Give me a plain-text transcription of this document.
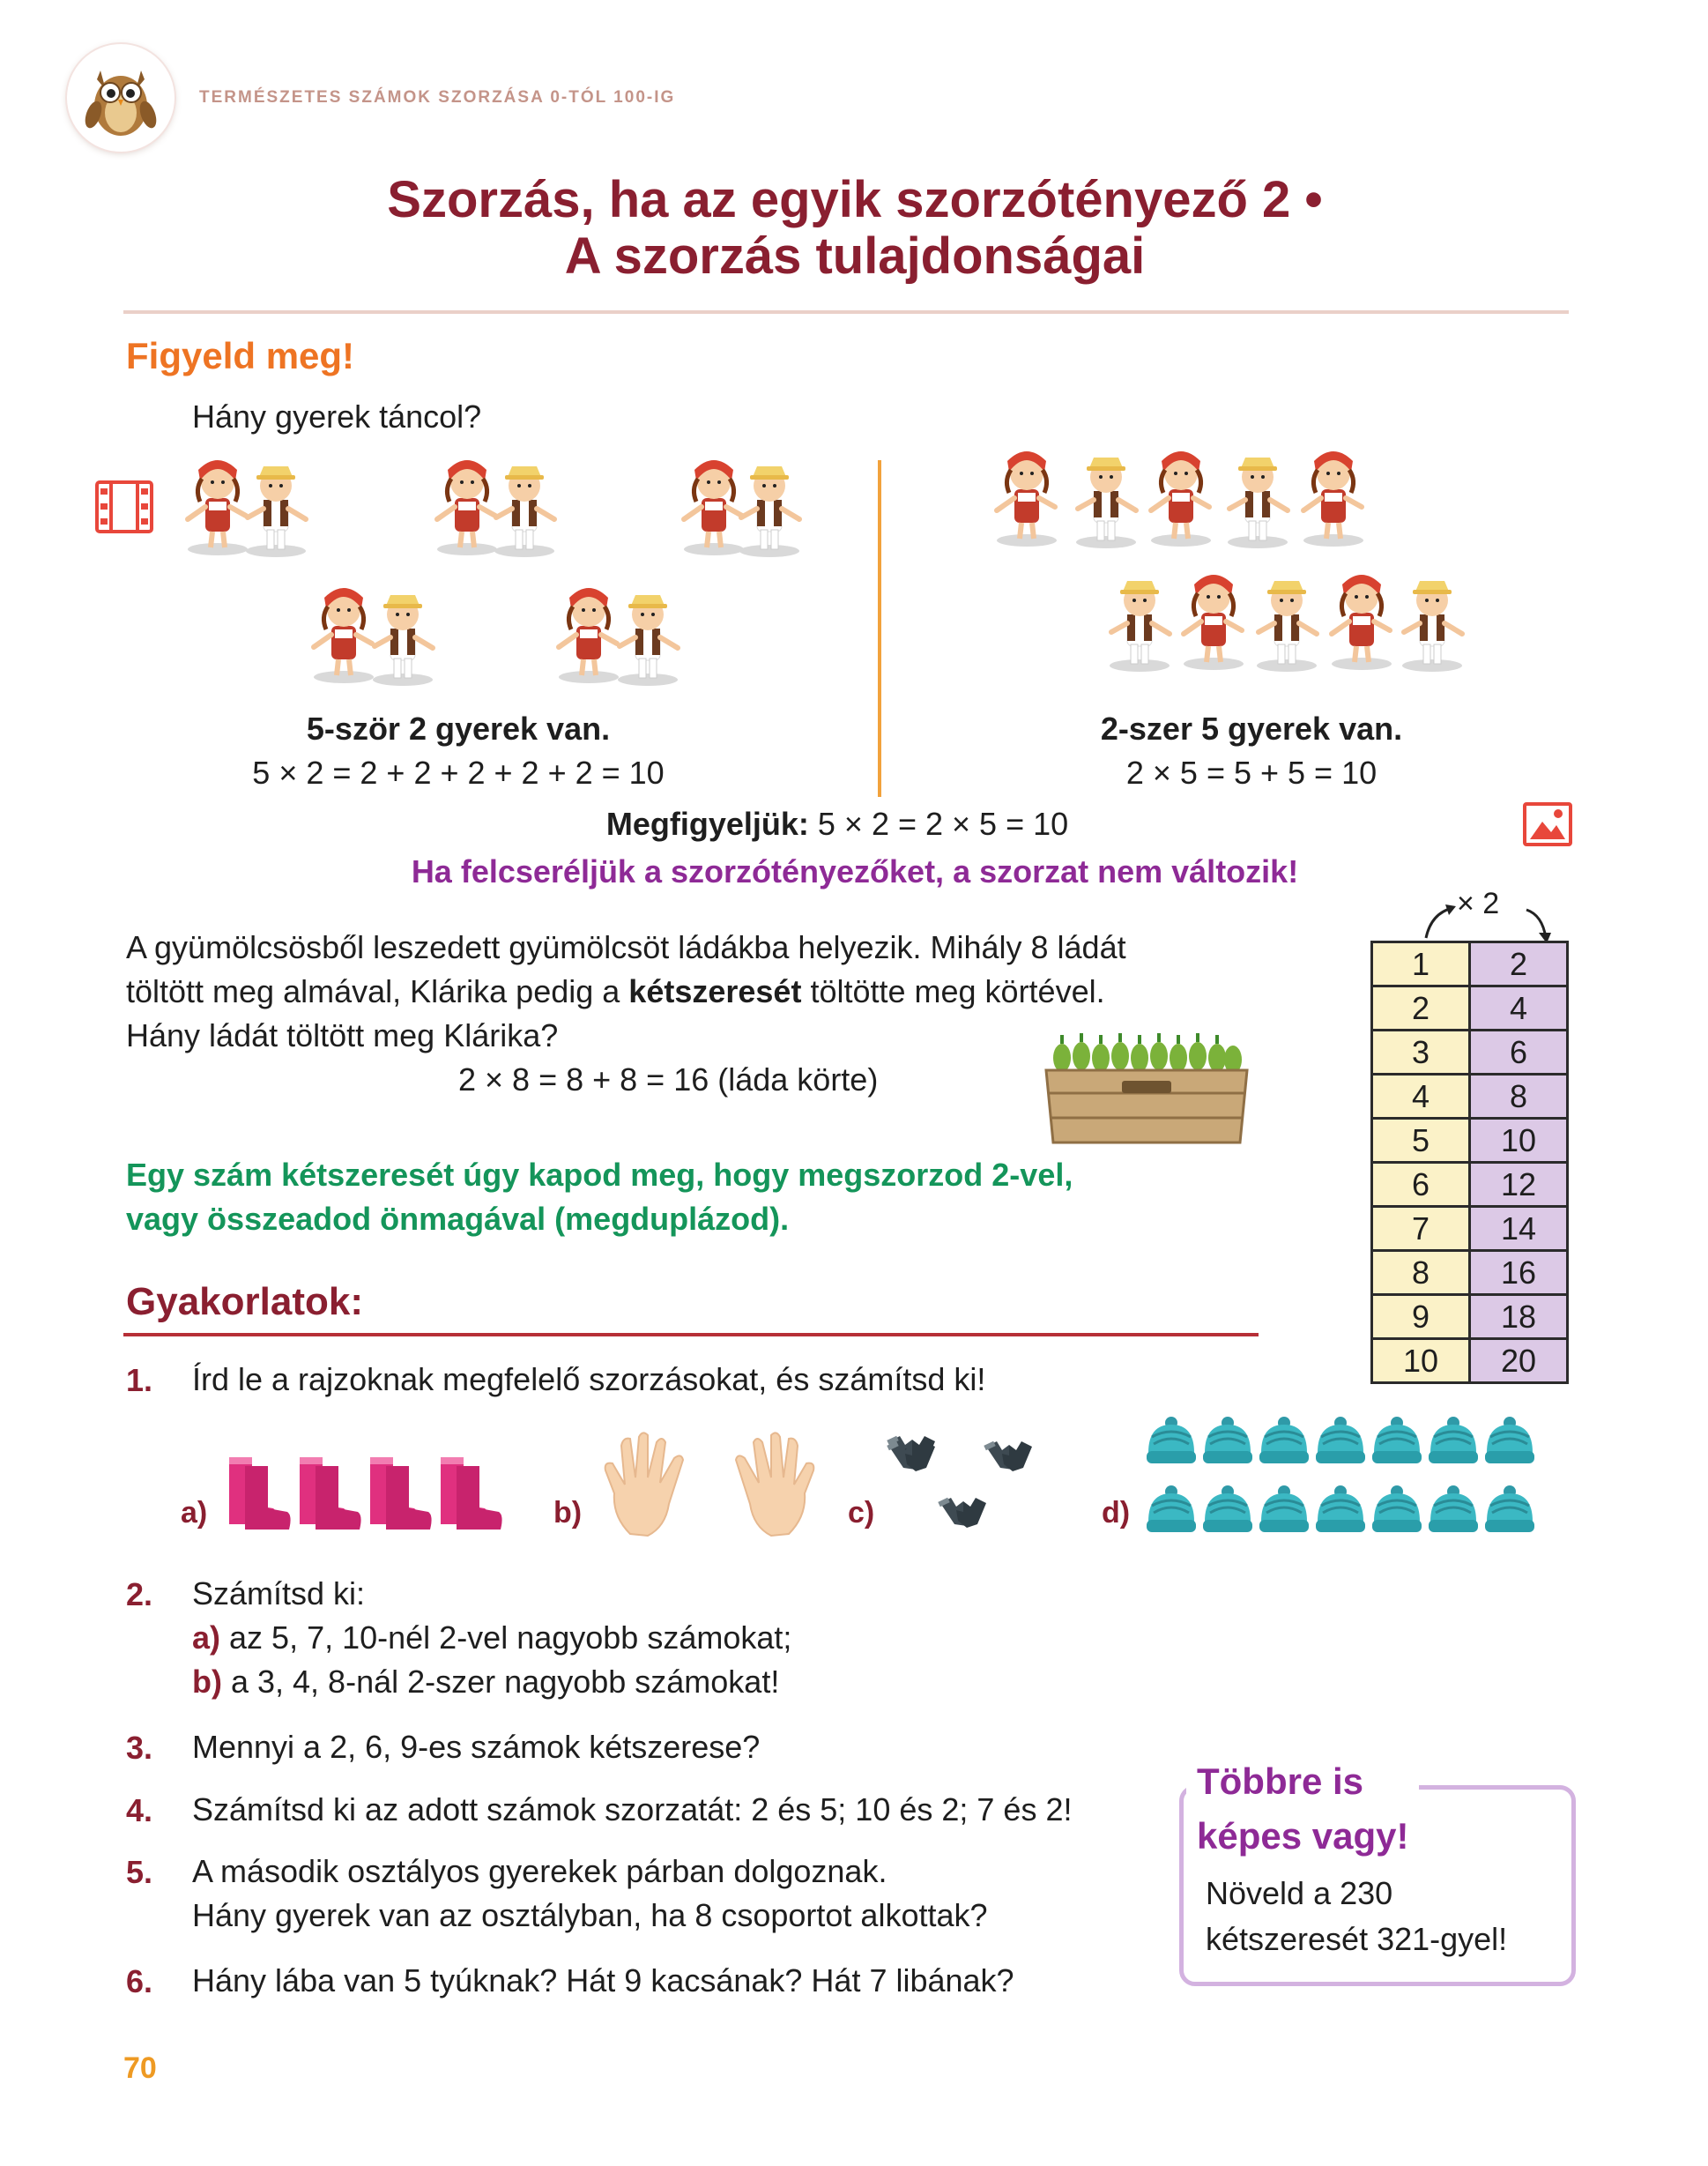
TERMÉSZETES SZÁMOK SZORZÁSA 0-TÓL 100-IG
Szorzás, ha az egyik szorzótényező 2 •
A szorzás tulajdonságai
Figyeld meg!
Hány gyerek táncol?
5-ször 2 gyerek van.
5 × 2 = 2 + 2 + 2 + 2 + 2 = 10
2-szer 5 gyerek van.
2 × 5 = 5 + 5 = 10
Megfigyeljük: 5 × 2 = 2 × 5 = 10
Ha felcseréljük a szorzótényezőket, a szorzat nem változik!
A gyümölcsösből leszedett gyümölcsöt ládákba helyezik. Mihály 8 ládát
töltött meg almával, Klárika pedig a kétszeresét töltötte meg körtével.
Hány ládát töltött meg Klárika?
2 × 8 = 8 + 8 = 16 (láda körte)
Egy szám kétszeresét úgy kapod meg, hogy megszorzod 2-vel,
vagy összeadod önmagával (megduplázod).
× 2
1	2
2	4
3	6
4	8
5	10
6	12
7	14
8	16
9	18
10	20
Gyakorlatok:
1. Írd le a rajzoknak megfelelő szorzásokat, és számítsd ki!
a)	b)	c)	d)
2. Számítsd ki:
a) az 5, 7, 10-nél 2-vel nagyobb számokat;
b) a 3, 4, 8-nál 2-szer nagyobb számokat!
3. Mennyi a 2, 6, 9-es számok kétszerese?
4. Számítsd ki az adott számok szorzatát: 2 és 5; 10 és 2; 7 és 2!
5. A második osztályos gyerekek párban dolgoznak.
Hány gyerek van az osztályban, ha 8 csoportot alkottak?
6. Hány lába van 5 tyúknak? Hát 9 kacsának? Hát 7 libának?
Többre is
képes vagy!
Növeld a 230
kétszeresét 321-gyel!
70
